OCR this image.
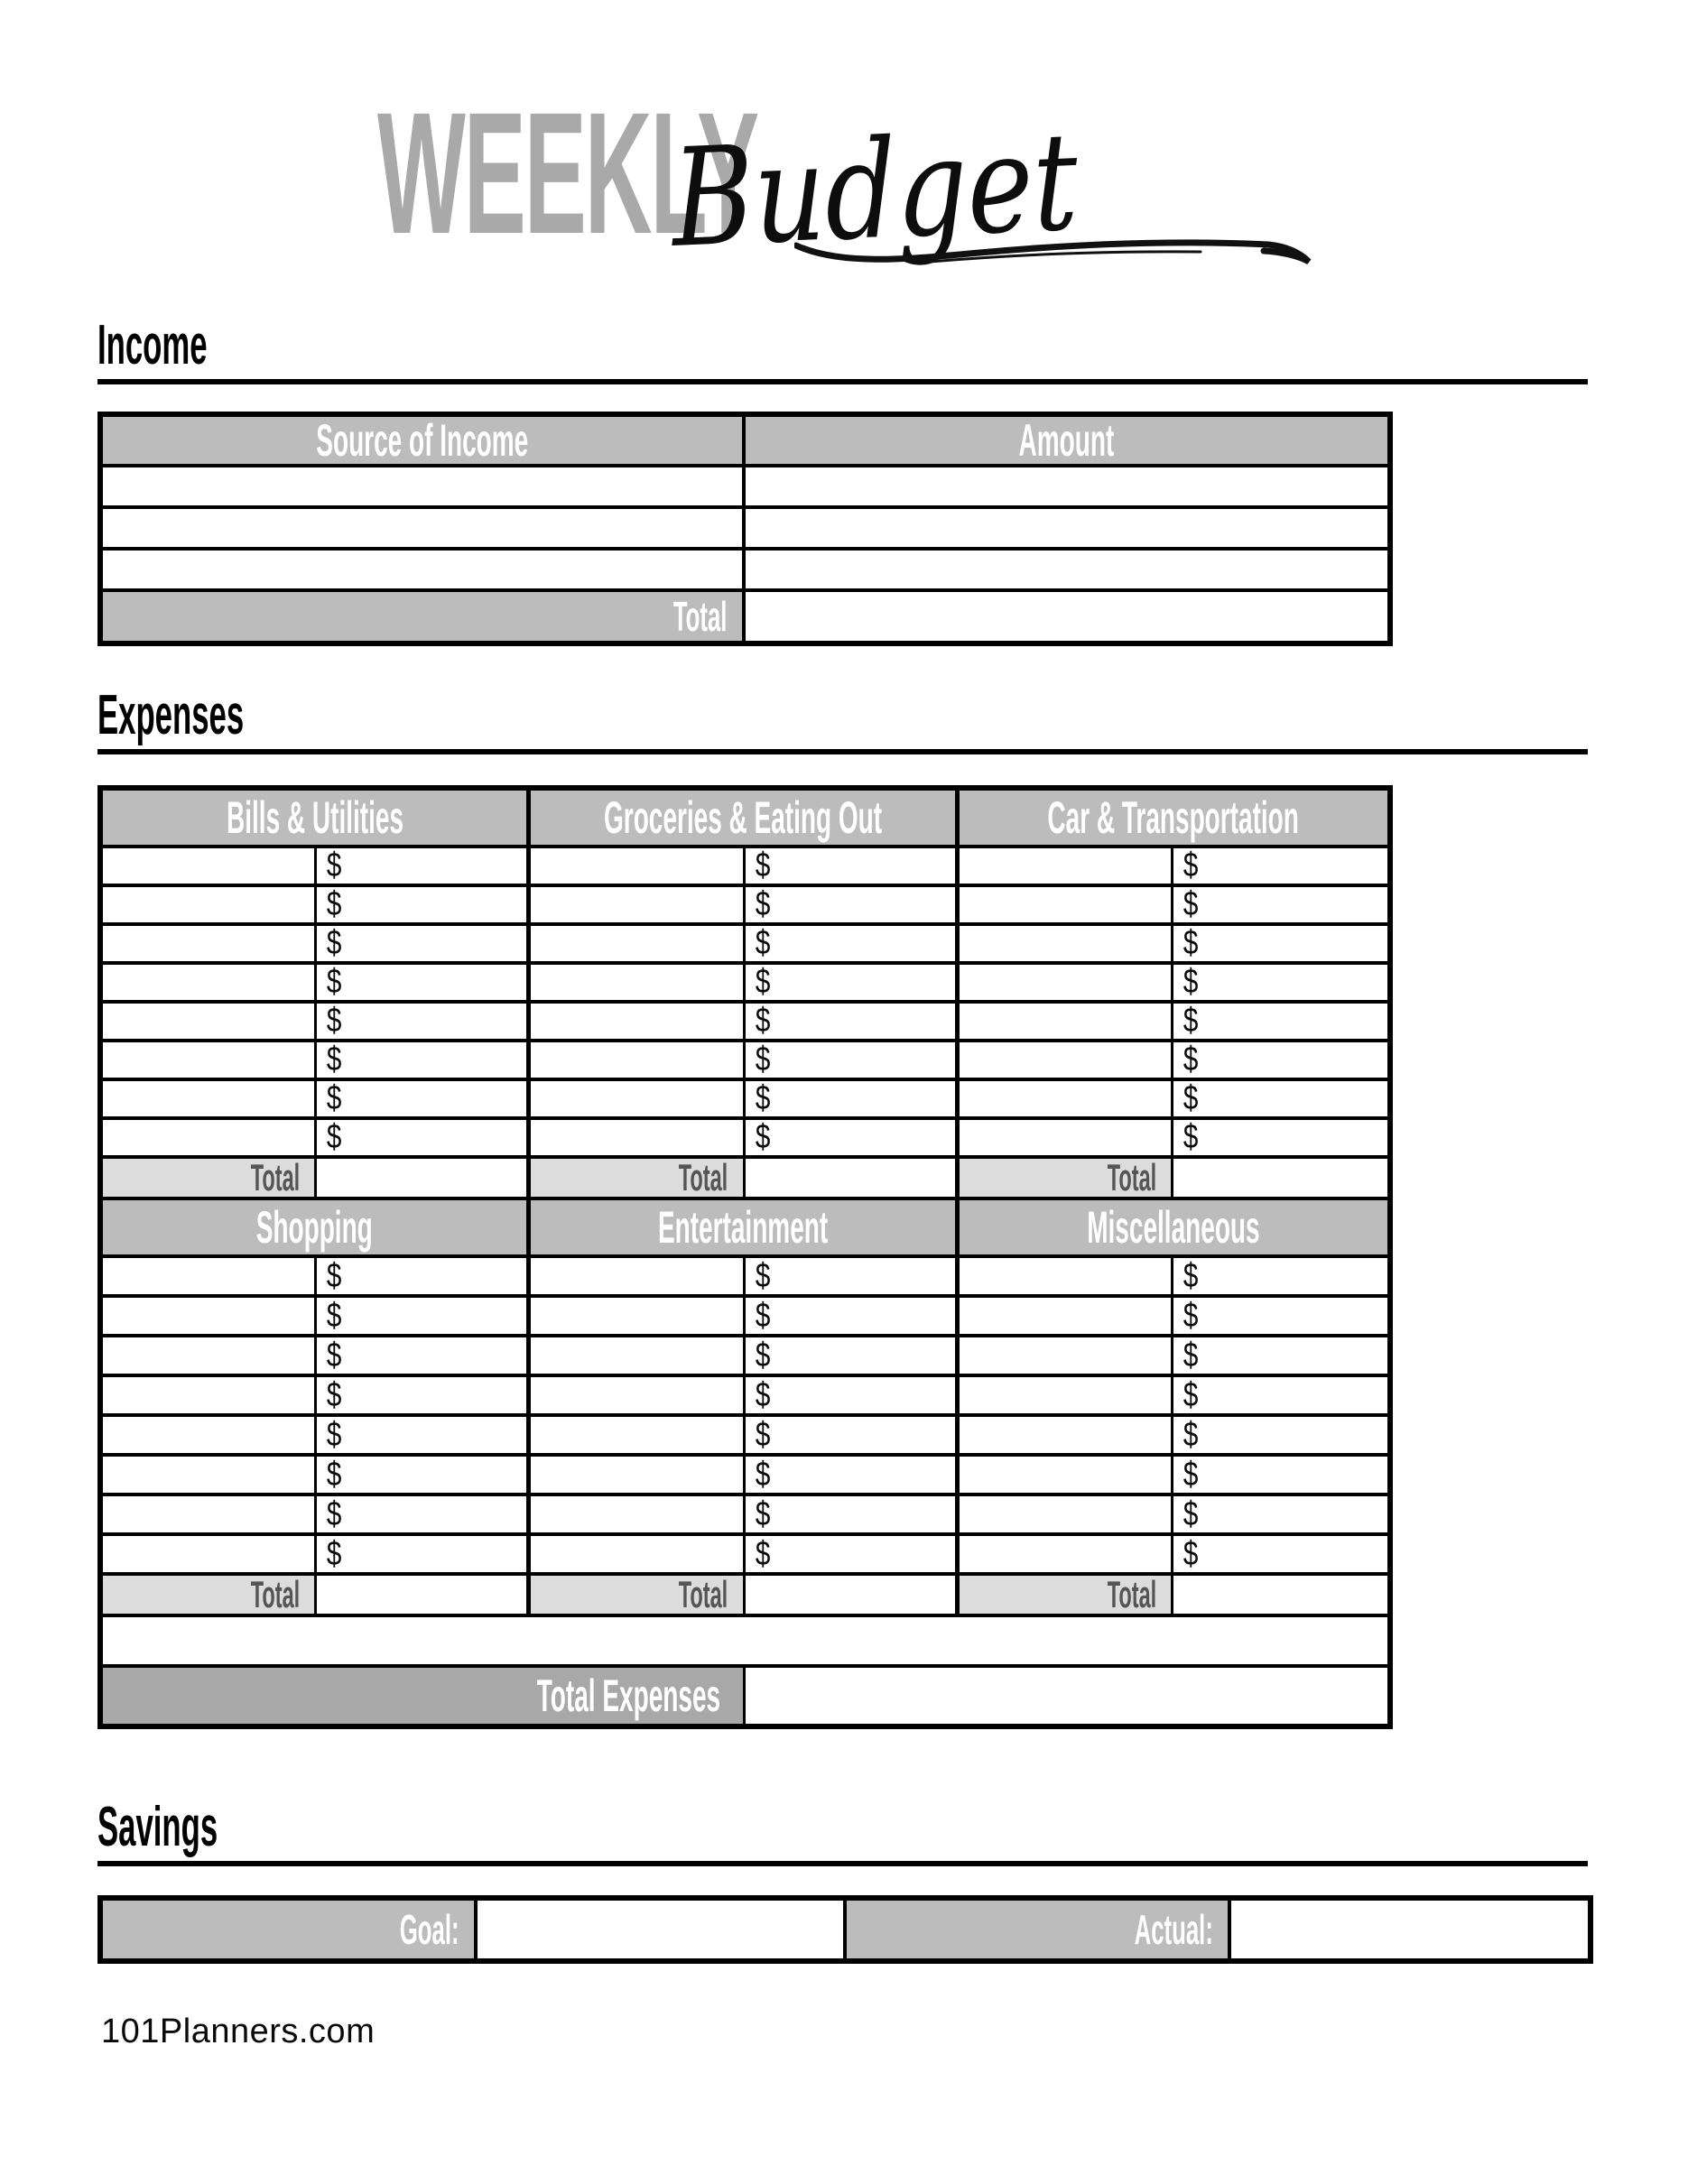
WEEKLY
Budget
Income
Source of Income	Amount
Total
Expenses
Bills & Utilities	Groceries & Eating Out	Car & Transportation
$	$	$
$	$	$
$	$	$
$	$	$
$	$	$
$	$	$
$	$	$
$	$	$
Total	Total	Total
Shopping	Entertainment	Miscellaneous
$	$	$
$	$	$
$	$	$
$	$	$
$	$	$
$	$	$
$	$	$
$	$	$
Total	Total	Total
Total Expenses
Savings
Goal:	Actual:
101Planners.com
